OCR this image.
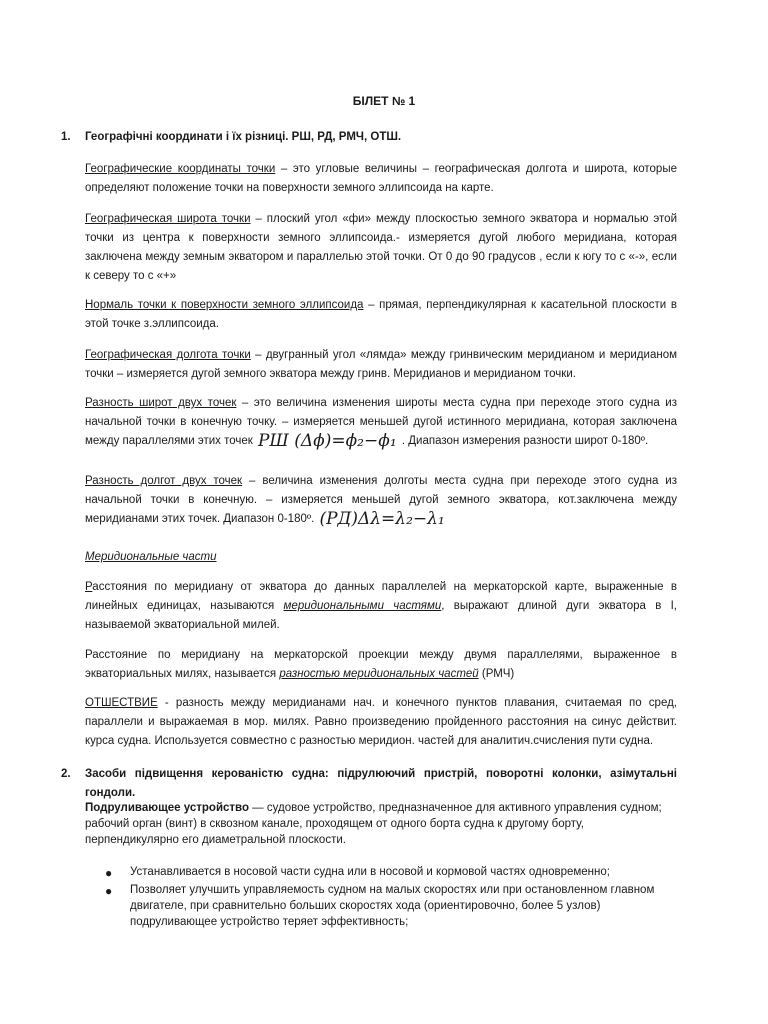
БІЛЕТ № 1
1. Географічні координати і їх різниці. РШ, РД, РМЧ, ОТШ.
Географические координаты точки – это угловые величины – географическая долгота и широта, которые определяют положение точки на поверхности земного эллипсоида на карте.
Географическая широта точки – плоский угол «фи» между плоскостью земного экватора и нормалью этой точки из центра к поверхности земного эллипсоида.- измеряется дугой любого меридиана, которая заключена между земным экватором и параллелью этой точки. От 0 до 90 градусов , если к югу то с «-», если к северу то с «+»
Нормаль точки к поверхности земного эллипсоида – прямая, перпендикулярная к касательной плоскости в этой точке з.эллипсоида.
Географическая долгота точки – двугранный угол «лямда» между гринвическим меридианом и меридианом точки – измеряется дугой земного экватора между гринв. Меридианов и меридианом точки.
Разность широт двух точек – это величина изменения широты места судна при переходе этого судна из начальной точки в конечную точку. – измеряется меньшей дугой истинного меридиана, которая заключена между параллелями этих точек РШ (Δϕ)=ϕ₂−ϕ₁ . Диапазон измерения разности широт 0-180º.
Разность долгот двух точек – величина изменения долготы места судна при переходе этого судна из начальной точки в конечную. – измеряется меньшей дугой земного экватора, кот.заключена между меридианами этих точек. Диапазон 0-180º. (РД)Δλ=λ₂−λ₁
Меридиональные части
Расстояния по меридиану от экватора до данных параллелей на меркаторской карте, выраженные в линейных единицах, называются меридиональными частями, выражают длиной дуги экватора в I, называемой экваториальной милей.
Расстояние по меридиану на меркаторской проекции между двумя параллелями, выраженное в экваториальных милях, называется разностью меридиональных частей (РМЧ)
ОТШЕСТВИЕ - разность между меридианами нач. и конечного пунктов плавания, считаемая по сред, параллели и выражаемая в мор. милях. Равно произведению пройденного расстояния на синус действит. курса судна. Используется совместно с разностью меридион. частей для аналитич.счисления пути судна.
2. Засоби підвищення керованістю судна: підрулюючий пристрій, поворотні колонки, азімутальні гондоли.
Подруливающее устройство — судовое устройство, предназначенное для активного управления судном; рабочий орган (винт) в сквозном канале, проходящем от одного борта судна к другому борту, перпендикулярно его диаметральной плоскости.
● Устанавливается в носовой части судна или в носовой и кормовой частях одновременно;
● Позволяет улучшить управляемость судном на малых скоростях или при остановленном главном двигателе, при сравнительно больших скоростях хода (ориентировочно, более 5 узлов) подруливающее устройство теряет эффективность;
